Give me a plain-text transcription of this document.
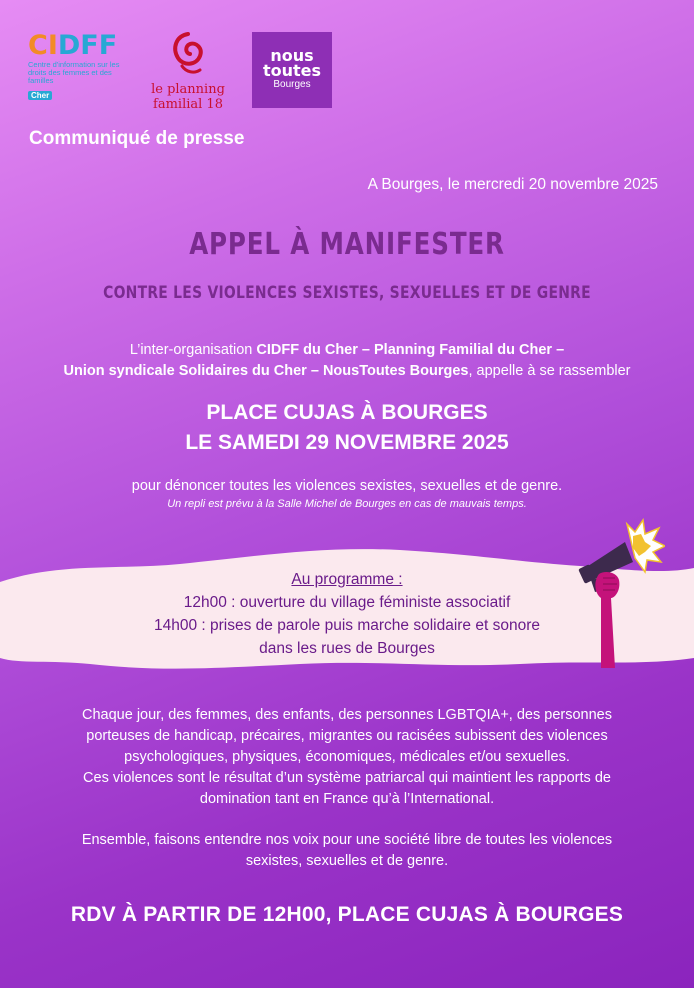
CIDFF
Centre d'information sur les droits des femmes et des familles
Cher	le planning
familial 18
nous
toutes
Bourges
Communiqué de presse
A Bourges, le mercredi 20 novembre 2025
APPEL À MANIFESTER
CONTRE LES VIOLENCES SEXISTES, SEXUELLES ET DE GENRE
L’inter-organisation CIDFF du Cher – Planning Familial du Cher –
Union syndicale Solidaires du Cher – NousToutes Bourges, appelle à se rassembler
PLACE CUJAS À BOURGES
LE SAMEDI 29 NOVEMBRE 2025
pour dénoncer toutes les violences sexistes, sexuelles et de genre.
Un repli est prévu à la Salle Michel de Bourges en cas de mauvais temps.
Au programme :
12h00 : ouverture du village féministe associatif
14h00 : prises de parole puis marche solidaire et sonore
dans les rues de Bourges
Chaque jour, des femmes, des enfants, des personnes LGBTQIA+, des personnes
porteuses de handicap, précaires, migrantes ou racisées subissent des violences
psychologiques, physiques, économiques, médicales et/ou sexuelles.
Ces violences sont le résultat d’un système patriarcal qui maintient les rapports de
domination tant en France qu’à l’International.
Ensemble, faisons entendre nos voix pour une société libre de toutes les violences
sexistes, sexuelles et de genre.
RDV À PARTIR DE 12H00, PLACE CUJAS À BOURGES
